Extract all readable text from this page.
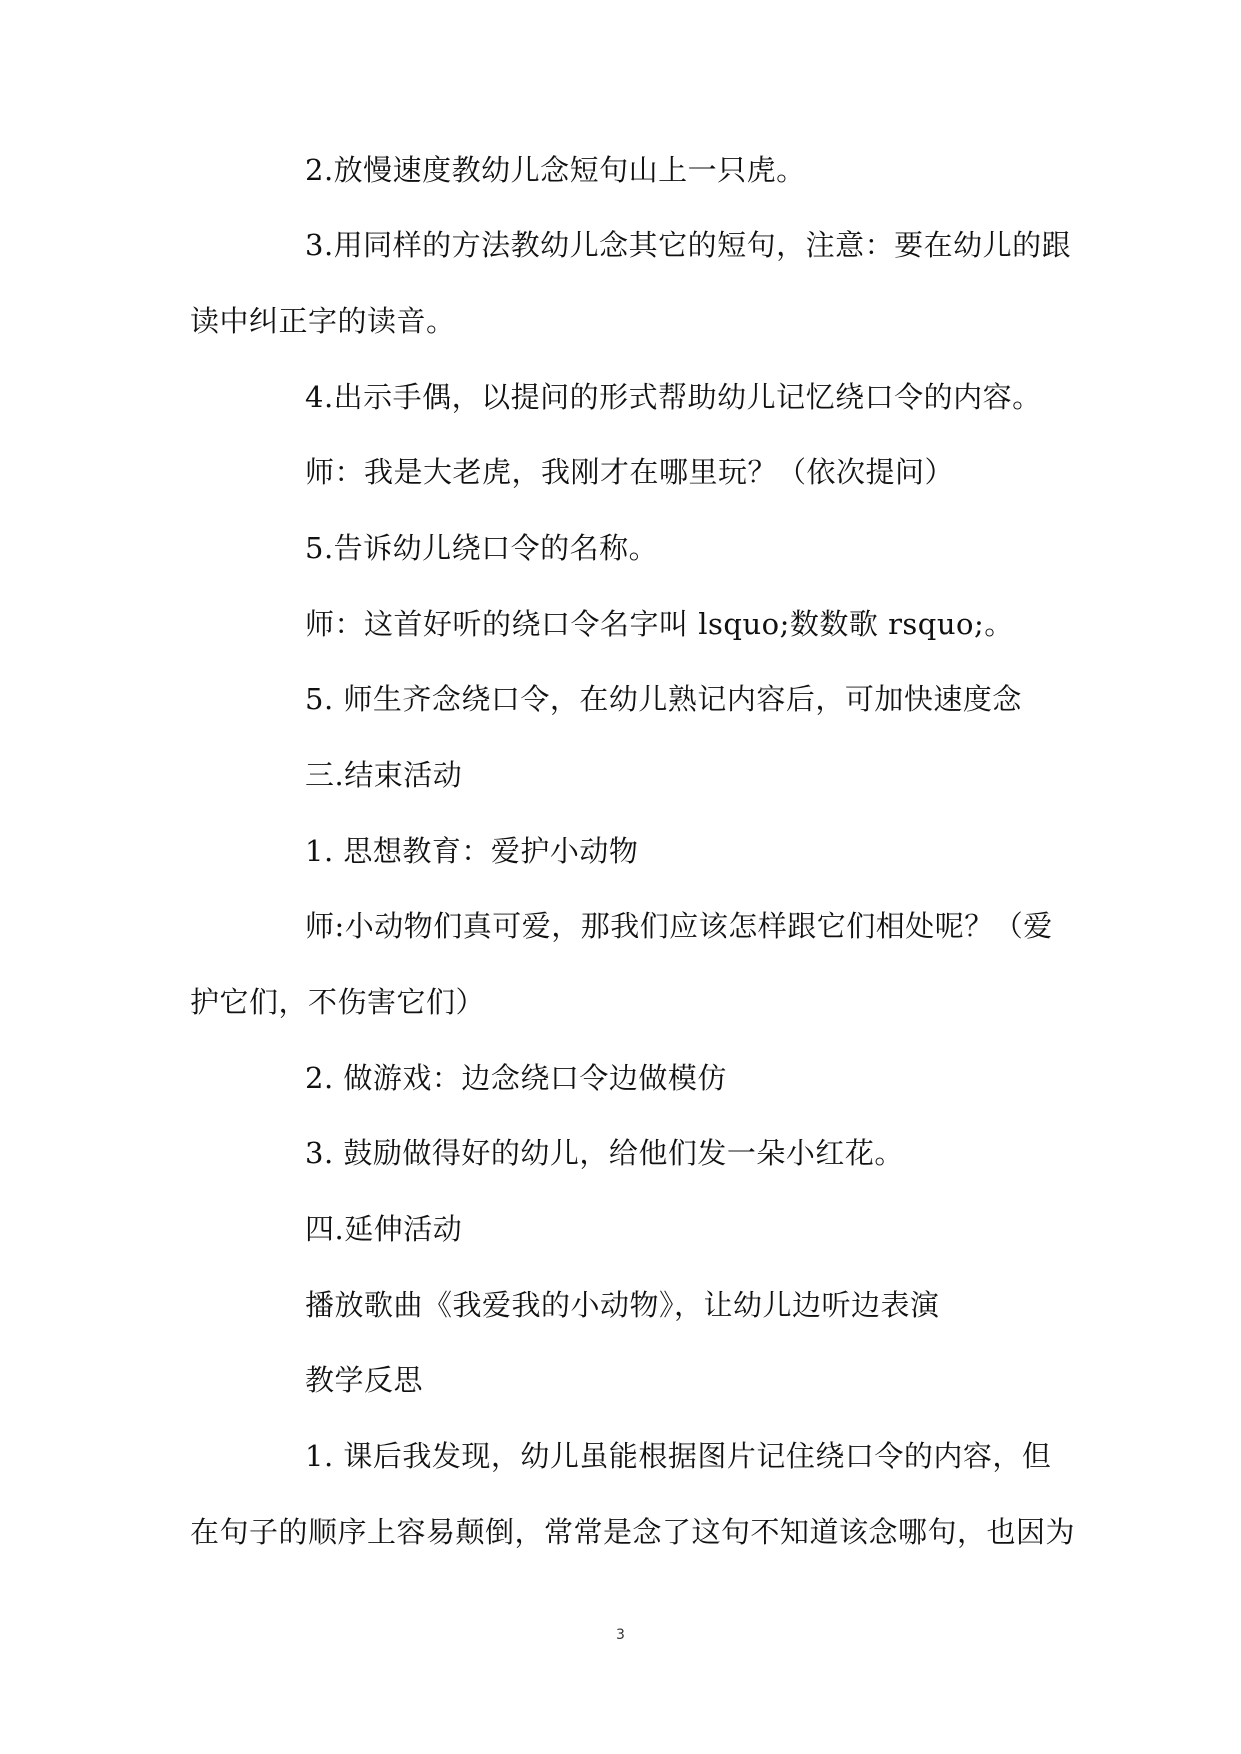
2.放慢速度教幼儿念短句山上一只虎。
3.用同样的方法教幼儿念其它的短句，注意：要在幼儿的跟
读中纠正字的读音。
4.出示手偶，以提问的形式帮助幼儿记忆绕口令的内容。
师：我是大老虎，我刚才在哪里玩？（依次提问）
5.告诉幼儿绕口令的名称。
师：这首好听的绕口令名字叫 lsquo;数数歌 rsquo;。
5. 师生齐念绕口令，在幼儿熟记内容后，可加快速度念
三.结束活动
1. 思想教育：爱护小动物
师:小动物们真可爱，那我们应该怎样跟它们相处呢？（爱
护它们，不伤害它们）
2. 做游戏：边念绕口令边做模仿
3. 鼓励做得好的幼儿，给他们发一朵小红花。
四.延伸活动
播放歌曲《我爱我的小动物》，让幼儿边听边表演
教学反思
1. 课后我发现，幼儿虽能根据图片记住绕口令的内容，但
在句子的顺序上容易颠倒，常常是念了这句不知道该念哪句，也因为
3
